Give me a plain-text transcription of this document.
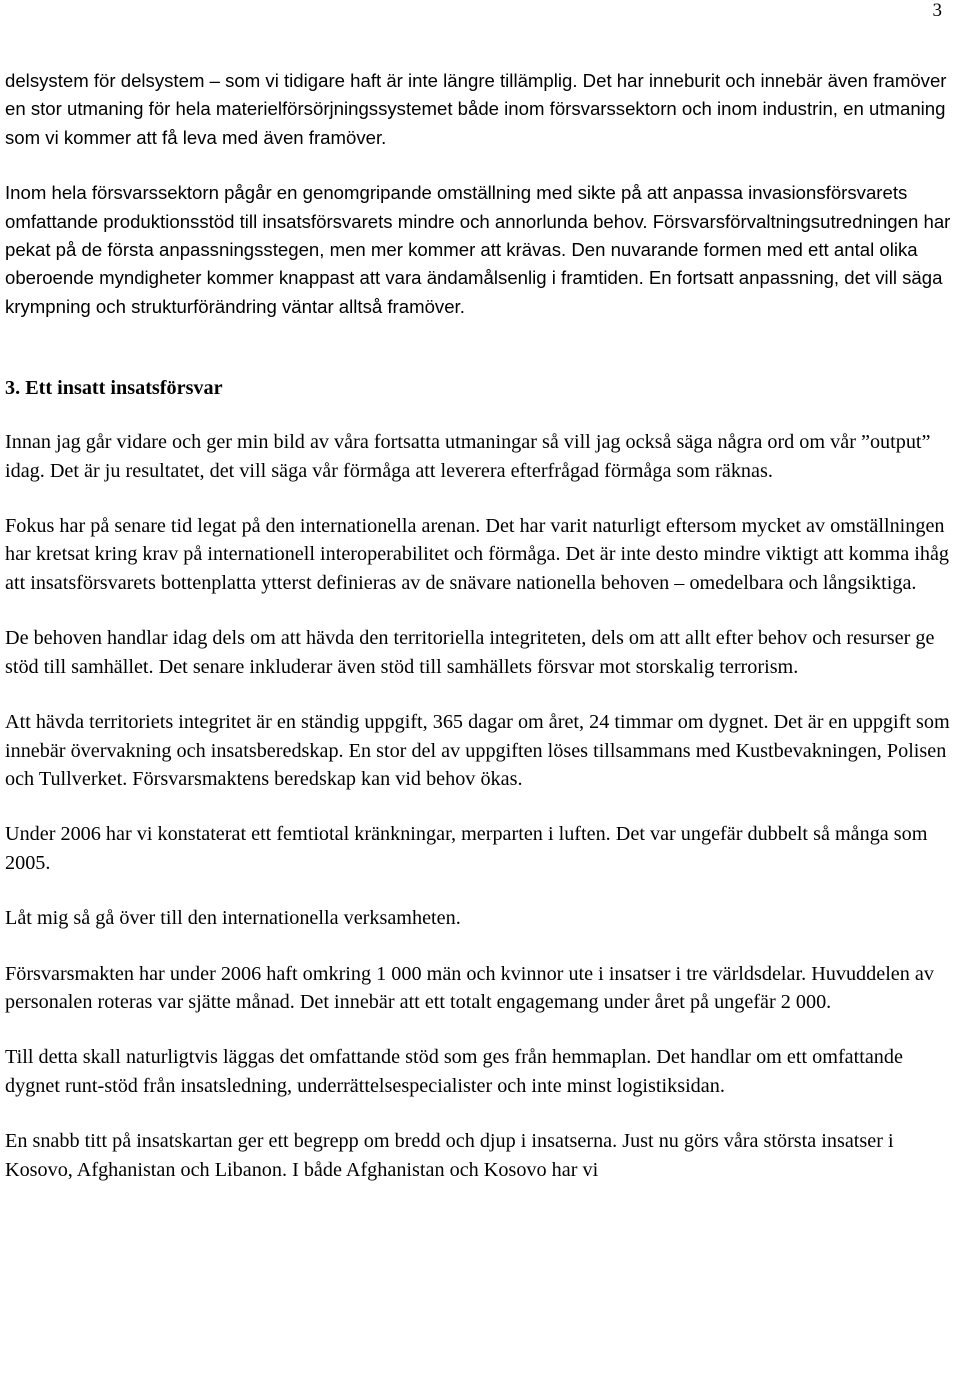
3

delsystem för delsystem – som vi tidigare haft är inte längre tillämplig. Det har inneburit och innebär även framöver en stor utmaning för hela materielförsörjningssystemet både inom försvarssektorn och inom industrin, en utmaning som vi kommer att få leva med även framöver.

Inom hela försvarssektorn pågår en genomgripande omställning med sikte på att anpassa invasionsförsvarets omfattande produktionsstöd till insatsförsvarets mindre och annorlunda behov. Försvarsförvaltningsutredningen har pekat på de första anpassningsstegen, men mer kommer att krävas. Den nuvarande formen med ett antal olika oberoende myndigheter kommer knappast att vara ändamålsenlig i framtiden. En fortsatt anpassning, det vill säga krympning och strukturförändring väntar alltså framöver.

3. Ett insatt insatsförsvar

Innan jag går vidare och ger min bild av våra fortsatta utmaningar så vill jag också säga några ord om vår ”output” idag. Det är ju resultatet, det vill säga vår förmåga att leverera efterfrågad förmåga som räknas.

Fokus har på senare tid legat på den internationella arenan. Det har varit naturligt eftersom mycket av omställningen har kretsat kring krav på internationell interoperabilitet och förmåga. Det är inte desto mindre viktigt att komma ihåg att insatsförsvarets bottenplatta ytterst definieras av de snävare nationella behoven – omedelbara och långsiktiga.

De behoven handlar idag dels om att hävda den territoriella integriteten, dels om att allt efter behov och resurser ge stöd till samhället. Det senare inkluderar även stöd till samhällets försvar mot storskalig terrorism.

Att hävda territoriets integritet är en ständig uppgift, 365 dagar om året, 24 timmar om dygnet. Det är en uppgift som innebär övervakning och insatsberedskap. En stor del av uppgiften löses tillsammans med Kustbevakningen, Polisen och Tullverket. Försvarsmaktens beredskap kan vid behov ökas.

Under 2006 har vi konstaterat ett femtiotal kränkningar, merparten i luften. Det var ungefär dubbelt så många som 2005.

Låt mig så gå över till den internationella verksamheten.

Försvarsmakten har under 2006 haft omkring 1 000 män och kvinnor ute i insatser i tre världsdelar. Huvuddelen av personalen roteras var sjätte månad. Det innebär att ett totalt engagemang under året på ungefär 2 000.

Till detta skall naturligtvis läggas det omfattande stöd som ges från hemmaplan. Det handlar om ett omfattande dygnet runt-stöd från insatsledning, underrättelsespecialister och inte minst logistiksidan.

En snabb titt på insatskartan ger ett begrepp om bredd och djup i insatserna. Just nu görs våra största insatser i Kosovo, Afghanistan och Libanon. I både Afghanistan och Kosovo har vi
